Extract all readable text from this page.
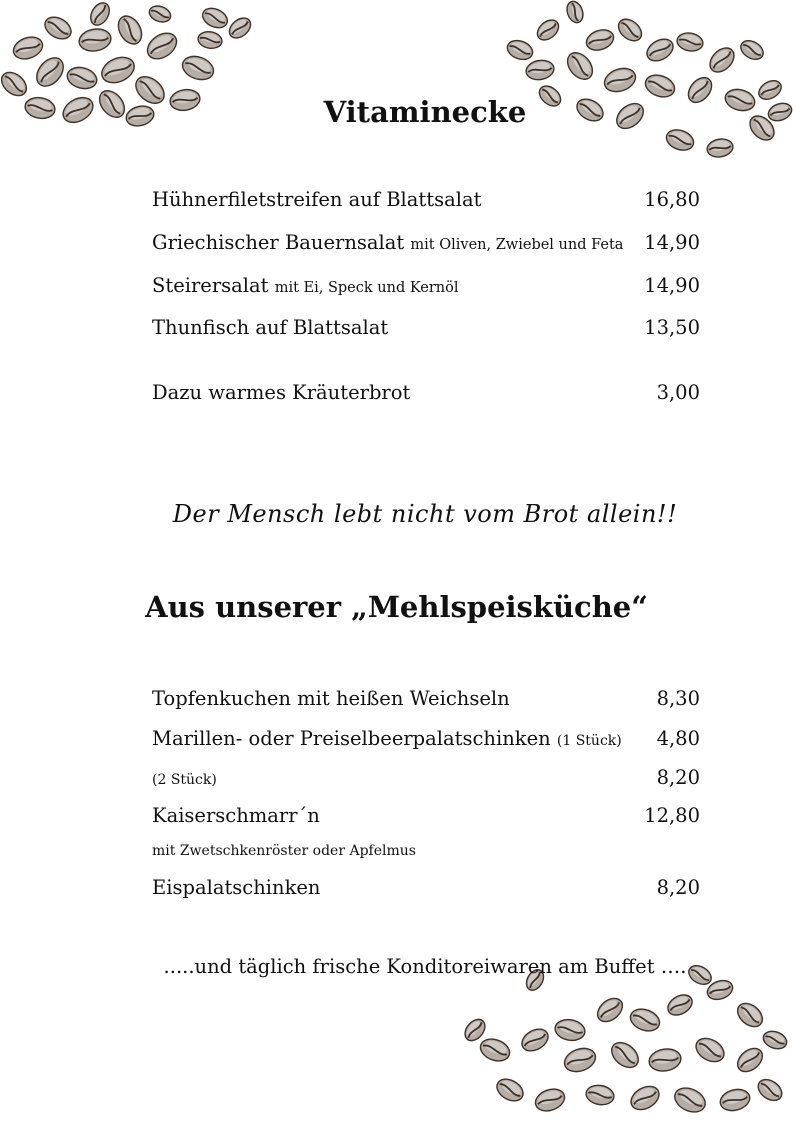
Vitaminecke
Hühnerfiletstreifen auf Blattsalat	16,80
Griechischer Bauernsalat mit Oliven, Zwiebel und Feta 14,90
Steirersalat mit Ei, Speck und Kernöl	14,90
Thunfisch auf Blattsalat	13,50
Dazu warmes Kräuterbrot	3,00
Der Mensch lebt nicht vom Brot allein!!
Aus unserer „Mehlspeisküche“
Topfenkuchen mit heißen Weichseln	8,30
Marillen- oder Preiselbeerpalatschinken (1 Stück) 4,80
(2 Stück)	8,20
Kaiserschmarr´n	12,80
mit Zwetschkenröster oder Apfelmus
Eispalatschinken	8,20
.....und täglich frische Konditoreiwaren am Buffet ….
